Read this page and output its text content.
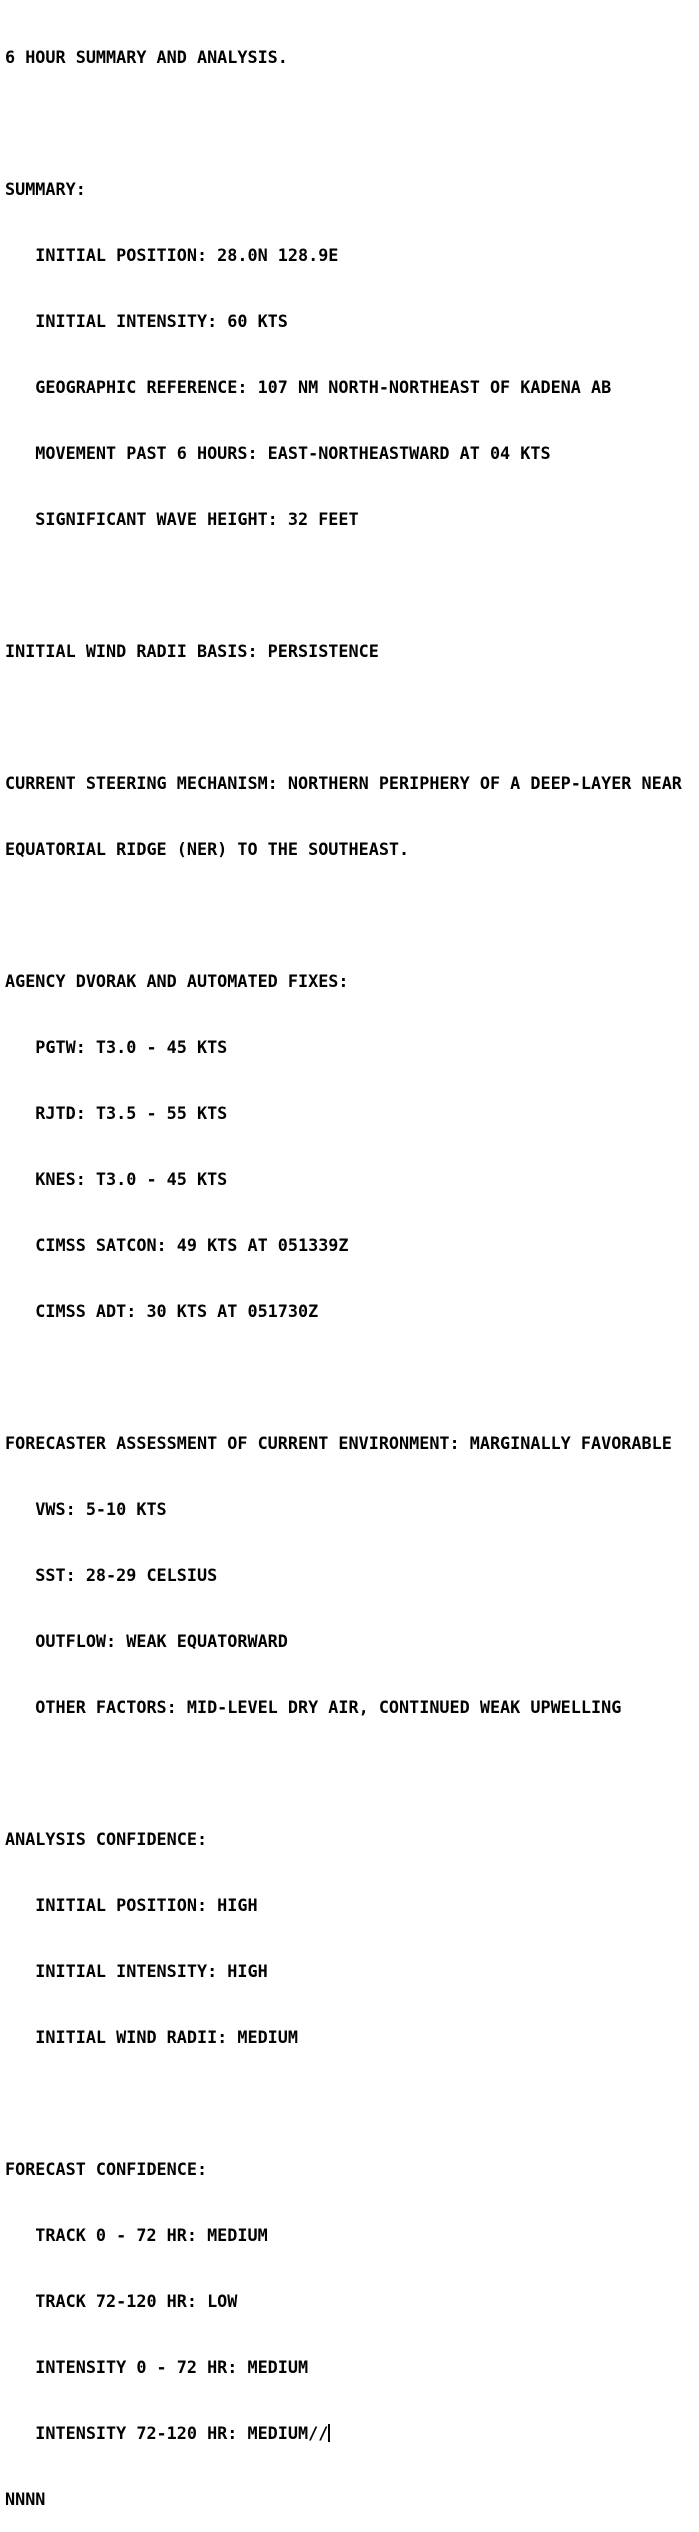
6 HOUR SUMMARY AND ANALYSIS.

SUMMARY:

INITIAL POSITION: 28.0N 128.9E

INITIAL INTENSITY: 60 KTS

GEOGRAPHIC REFERENCE: 107 NM NORTH-NORTHEAST OF KADENA AB

MOVEMENT PAST 6 HOURS: EAST-NORTHEASTWARD AT 04 KTS

SIGNIFICANT WAVE HEIGHT: 32 FEET

INITIAL WIND RADII BASIS: PERSISTENCE

CURRENT STEERING MECHANISM: NORTHERN PERIPHERY OF A DEEP-LAYER NEAR

EQUATORIAL RIDGE (NER) TO THE SOUTHEAST.

AGENCY DVORAK AND AUTOMATED FIXES:

PGTW: T3.0 - 45 KTS

RJTD: T3.5 - 55 KTS

KNES: T3.0 - 45 KTS

CIMSS SATCON: 49 KTS AT 051339Z

CIMSS ADT: 30 KTS AT 051730Z

FORECASTER ASSESSMENT OF CURRENT ENVIRONMENT: MARGINALLY FAVORABLE

VWS: 5-10 KTS

SST: 28-29 CELSIUS

OUTFLOW: WEAK EQUATORWARD

OTHER FACTORS: MID-LEVEL DRY AIR, CONTINUED WEAK UPWELLING

ANALYSIS CONFIDENCE:

INITIAL POSITION: HIGH

INITIAL INTENSITY: HIGH

INITIAL WIND RADII: MEDIUM

FORECAST CONFIDENCE:

TRACK 0 - 72 HR: MEDIUM

TRACK 72-120 HR: LOW

INTENSITY 0 - 72 HR: MEDIUM

INTENSITY 72-120 HR: MEDIUM//

NNNN
